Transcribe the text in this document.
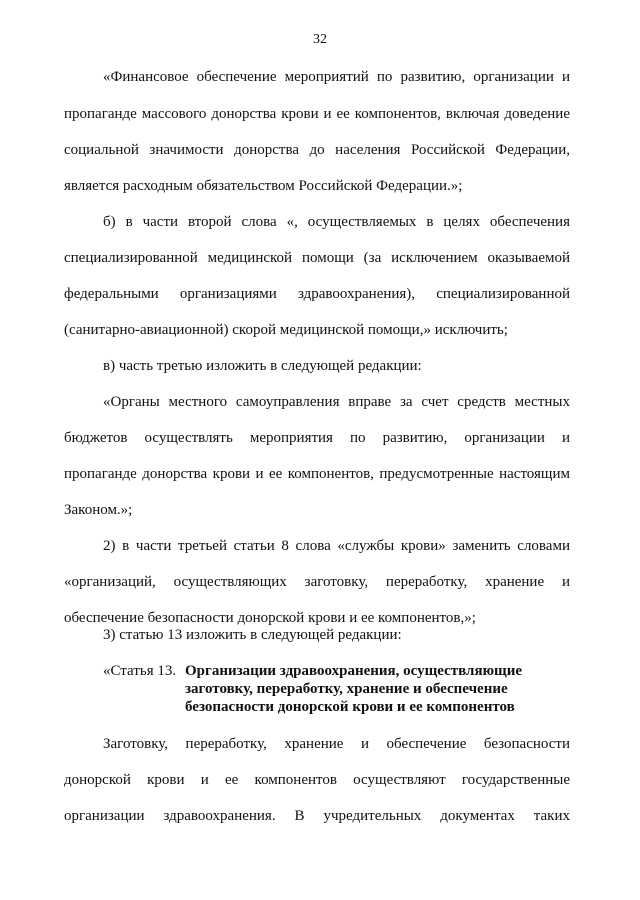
32
«Финансовое обеспечение мероприятий по развитию, организации и
пропаганде массового донорства крови и ее компонентов, включая доведение
социальной значимости донорства до населения Российской Федерации,
является расходным обязательством Российской Федерации.»;
б) в части второй слова «, осуществляемых в целях обеспечения
специализированной медицинской помощи (за исключением оказываемой
федеральными организациями здравоохранения), специализированной
(санитарно-авиационной) скорой медицинской помощи,» исключить;
в) часть третью изложить в следующей редакции:
«Органы местного самоуправления вправе за счет средств местных
бюджетов осуществлять мероприятия по развитию, организации и
пропаганде донорства крови и ее компонентов, предусмотренные настоящим
Законом.»;
2) в части третьей статьи 8 слова «службы крови» заменить словами
«организаций, осуществляющих заготовку, переработку, хранение и
обеспечение безопасности донорской крови и ее компонентов,»;
3) статью 13 изложить в следующей редакции:
«Статья 13. Организации здравоохранения, осуществляющие
заготовку, переработку, хранение и обеспечение
безопасности донорской крови и ее компонентов
Заготовку, переработку, хранение и обеспечение безопасности
донорской крови и ее компонентов осуществляют государственные
организации здравоохранения. В учредительных документах таких
